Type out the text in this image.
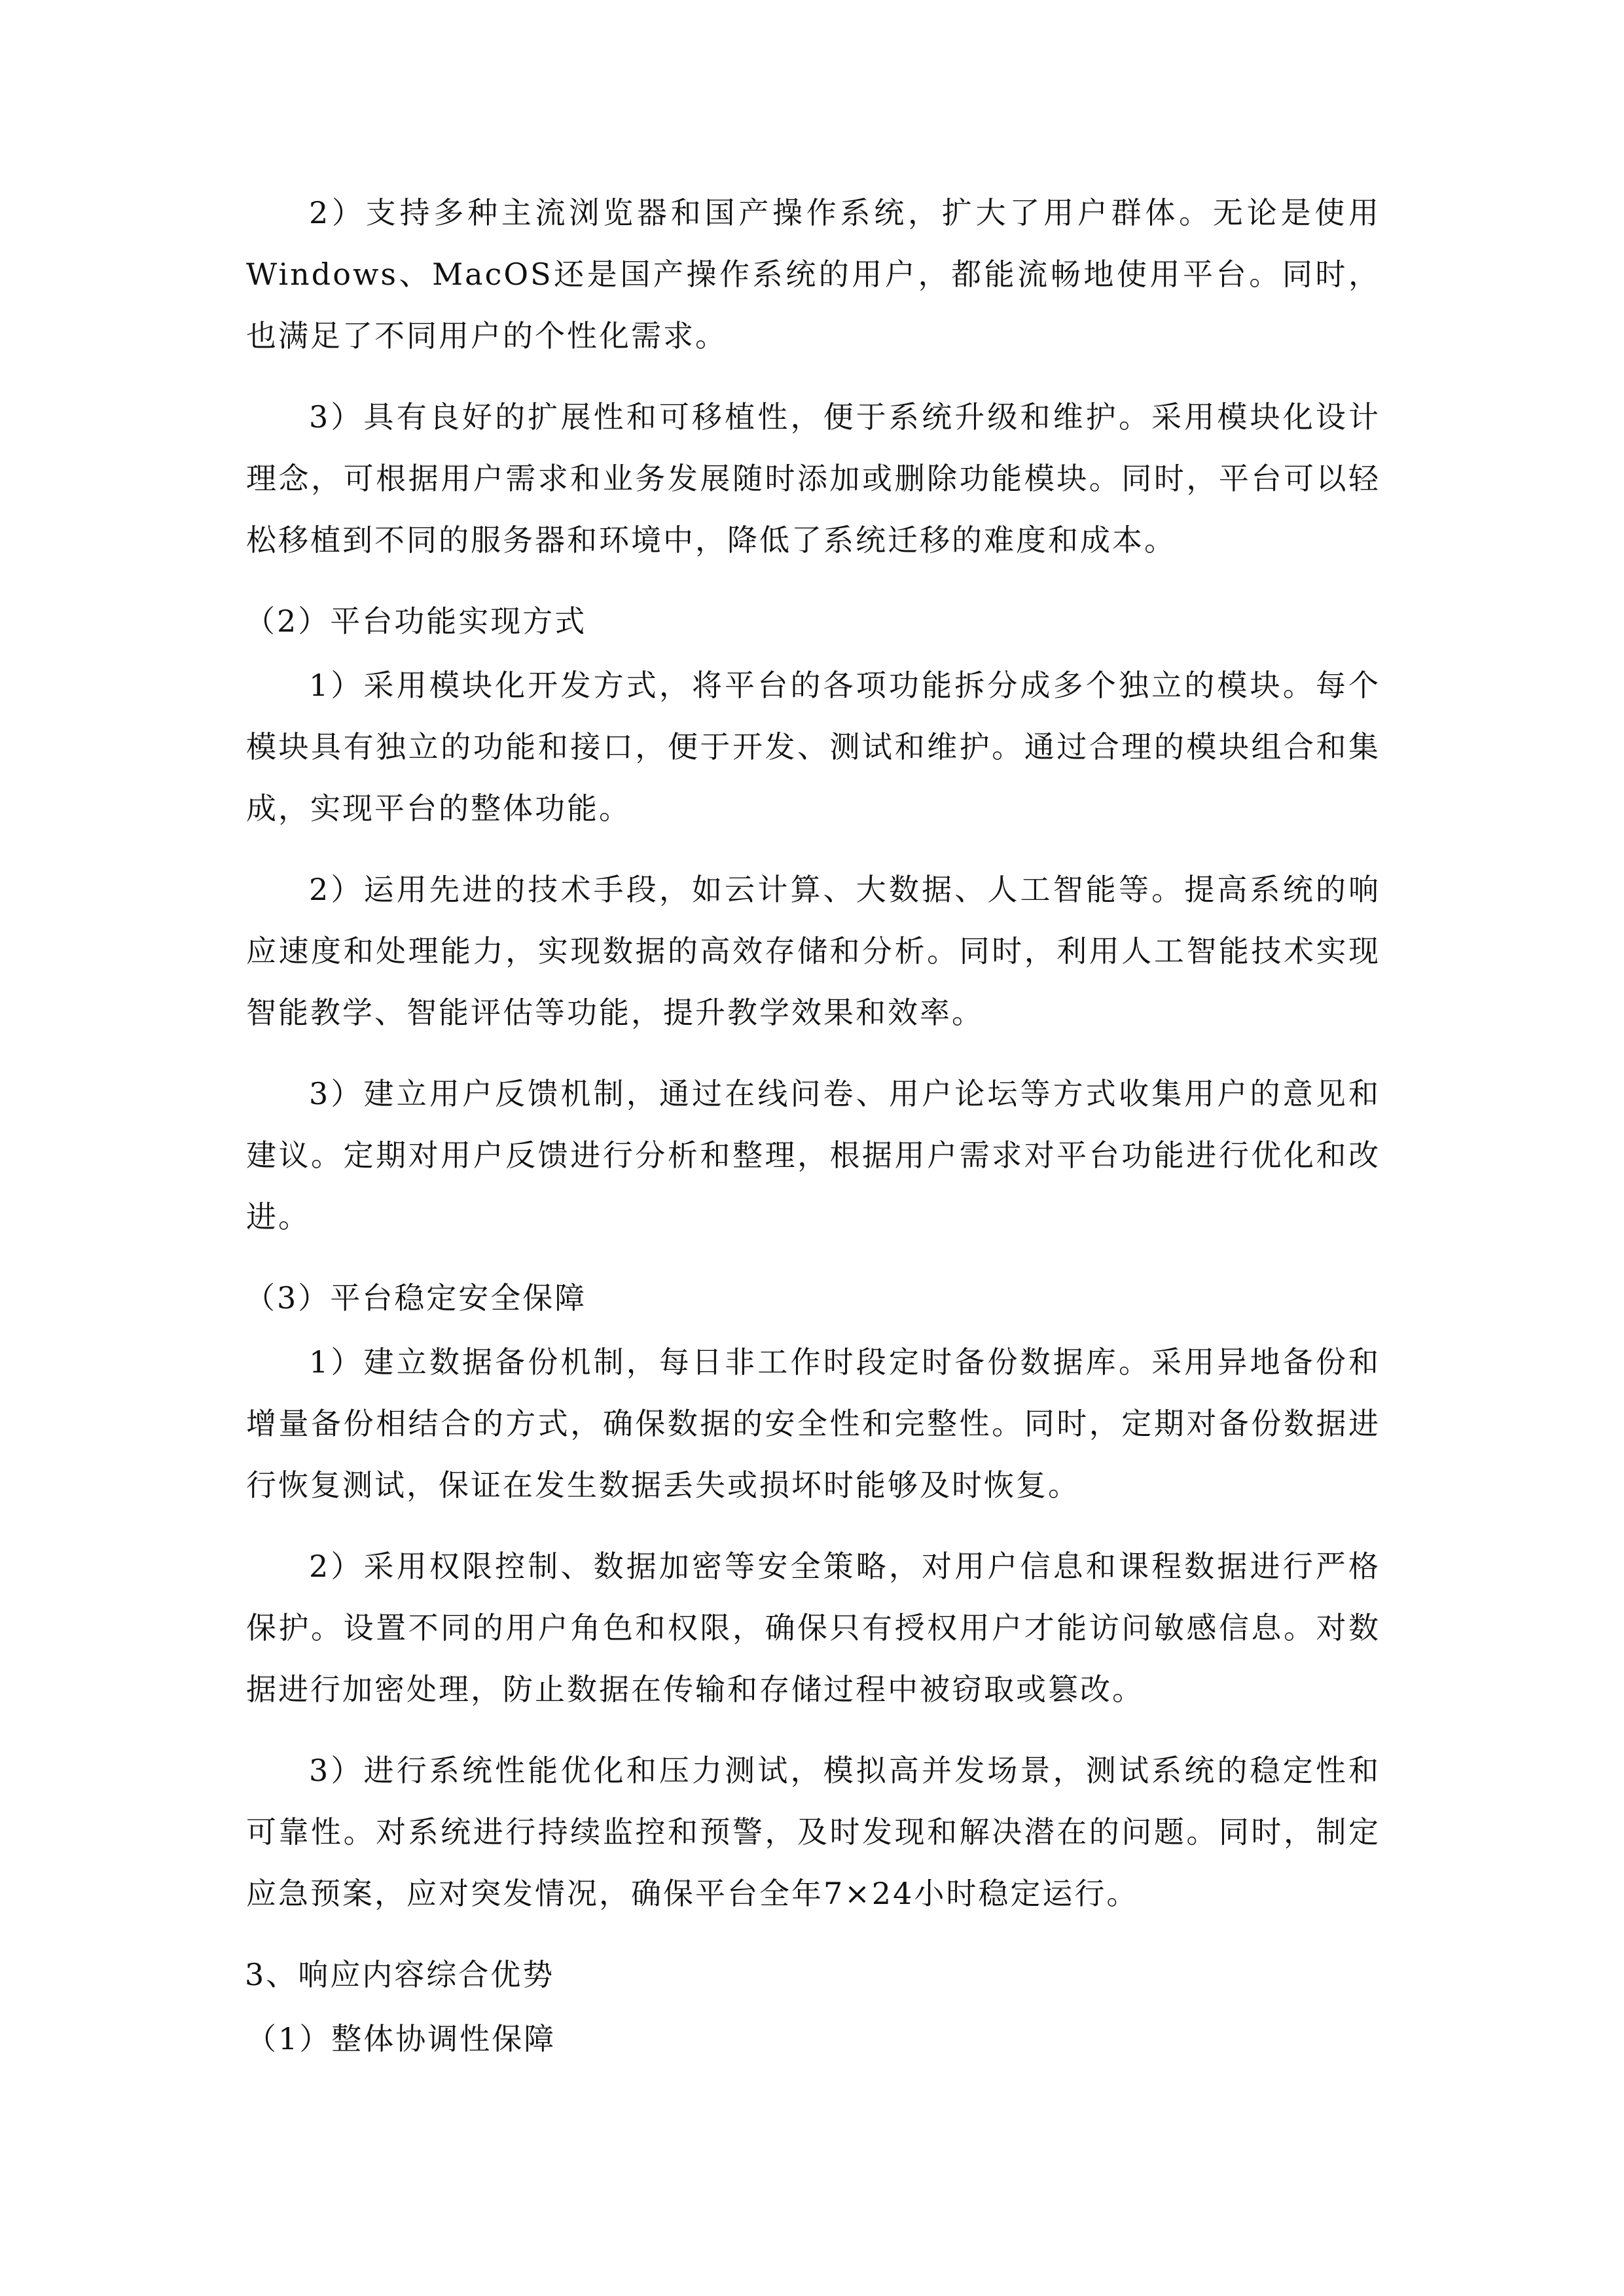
2）支持多种主流浏览器和国产操作系统，扩大了用户群体。无论是使用Windows、MacOS还是国产操作系统的用户，都能流畅地使用平台。同时，也满足了不同用户的个性化需求。

3）具有良好的扩展性和可移植性，便于系统升级和维护。采用模块化设计理念，可根据用户需求和业务发展随时添加或删除功能模块。同时，平台可以轻松移植到不同的服务器和环境中，降低了系统迁移的难度和成本。

（2）平台功能实现方式

1）采用模块化开发方式，将平台的各项功能拆分成多个独立的模块。每个模块具有独立的功能和接口，便于开发、测试和维护。通过合理的模块组合和集成，实现平台的整体功能。

2）运用先进的技术手段，如云计算、大数据、人工智能等。提高系统的响应速度和处理能力，实现数据的高效存储和分析。同时，利用人工智能技术实现智能教学、智能评估等功能，提升教学效果和效率。

3）建立用户反馈机制，通过在线问卷、用户论坛等方式收集用户的意见和建议。定期对用户反馈进行分析和整理，根据用户需求对平台功能进行优化和改进。

（3）平台稳定安全保障

1）建立数据备份机制，每日非工作时段定时备份数据库。采用异地备份和增量备份相结合的方式，确保数据的安全性和完整性。同时，定期对备份数据进行恢复测试，保证在发生数据丢失或损坏时能够及时恢复。

2）采用权限控制、数据加密等安全策略，对用户信息和课程数据进行严格保护。设置不同的用户角色和权限，确保只有授权用户才能访问敏感信息。对数据进行加密处理，防止数据在传输和存储过程中被窃取或篡改。

3）进行系统性能优化和压力测试，模拟高并发场景，测试系统的稳定性和可靠性。对系统进行持续监控和预警，及时发现和解决潜在的问题。同时，制定应急预案，应对突发情况，确保平台全年7×24小时稳定运行。

3、响应内容综合优势

（1）整体协调性保障
